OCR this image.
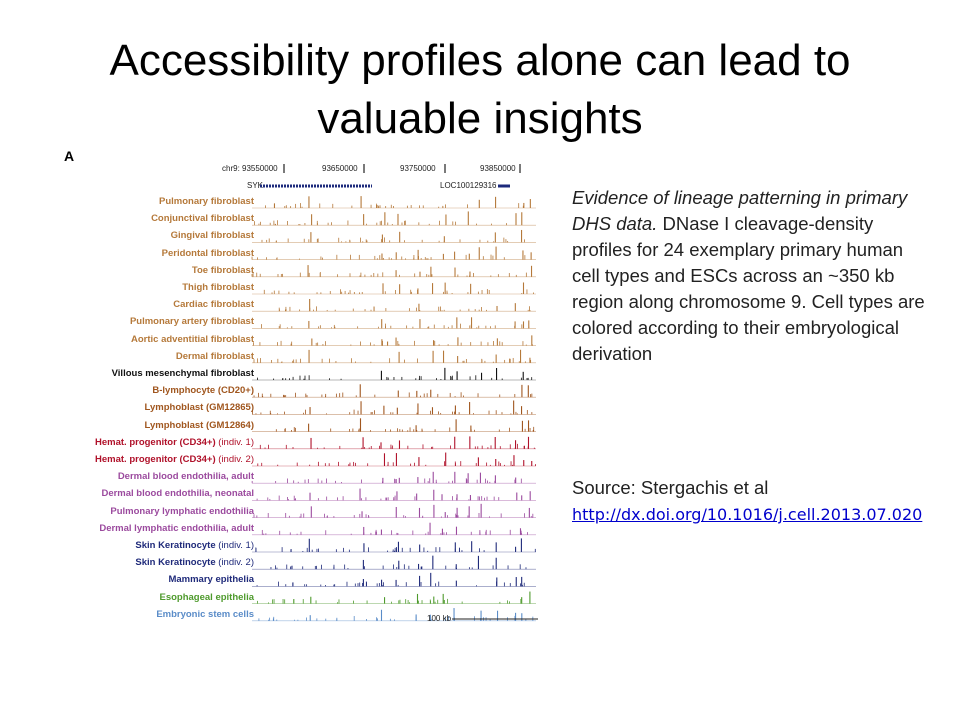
Accessibility profiles alone can lead to valuable insights
A
chr9: 93550000	93650000	93750000	93850000
SYK	LOC100129316
Pulmonary fibroblast
Conjunctival fibroblast
Gingival fibroblast
Peridontal fibroblast
Toe fibroblast
Thigh fibroblast
Cardiac fibroblast
Pulmonary artery fibroblast
Aortic adventitial fibroblast
Dermal fibroblast
Villous mesenchymal fibroblast
B-lymphocyte (CD20+)
Lymphoblast (GM12865)
Lymphoblast (GM12864)
Hemat. progenitor (CD34+) (indiv. 1)
Hemat. progenitor (CD34+) (indiv. 2)
Dermal blood endothilia, adult
Dermal blood endothilia, neonatal
Pulmonary lymphatic endothilia
Dermal lymphatic endothilia, adult
Skin Keratinocyte (indiv. 1)
Skin Keratinocyte (indiv. 2)
Mammary epithelia
Esophageal epithelia
Embryonic stem cells	100 kb
Evidence of lineage patterning in primary DHS data. DNase I cleavage-density profiles for 24 exemplary primary human cell types and ESCs across an ~350 kb region along chromosome 9. Cell types are colored according to their embryological derivation
Source: Stergachis et al http://dx.doi.org/10.1016/j.cell.2013.07.020
